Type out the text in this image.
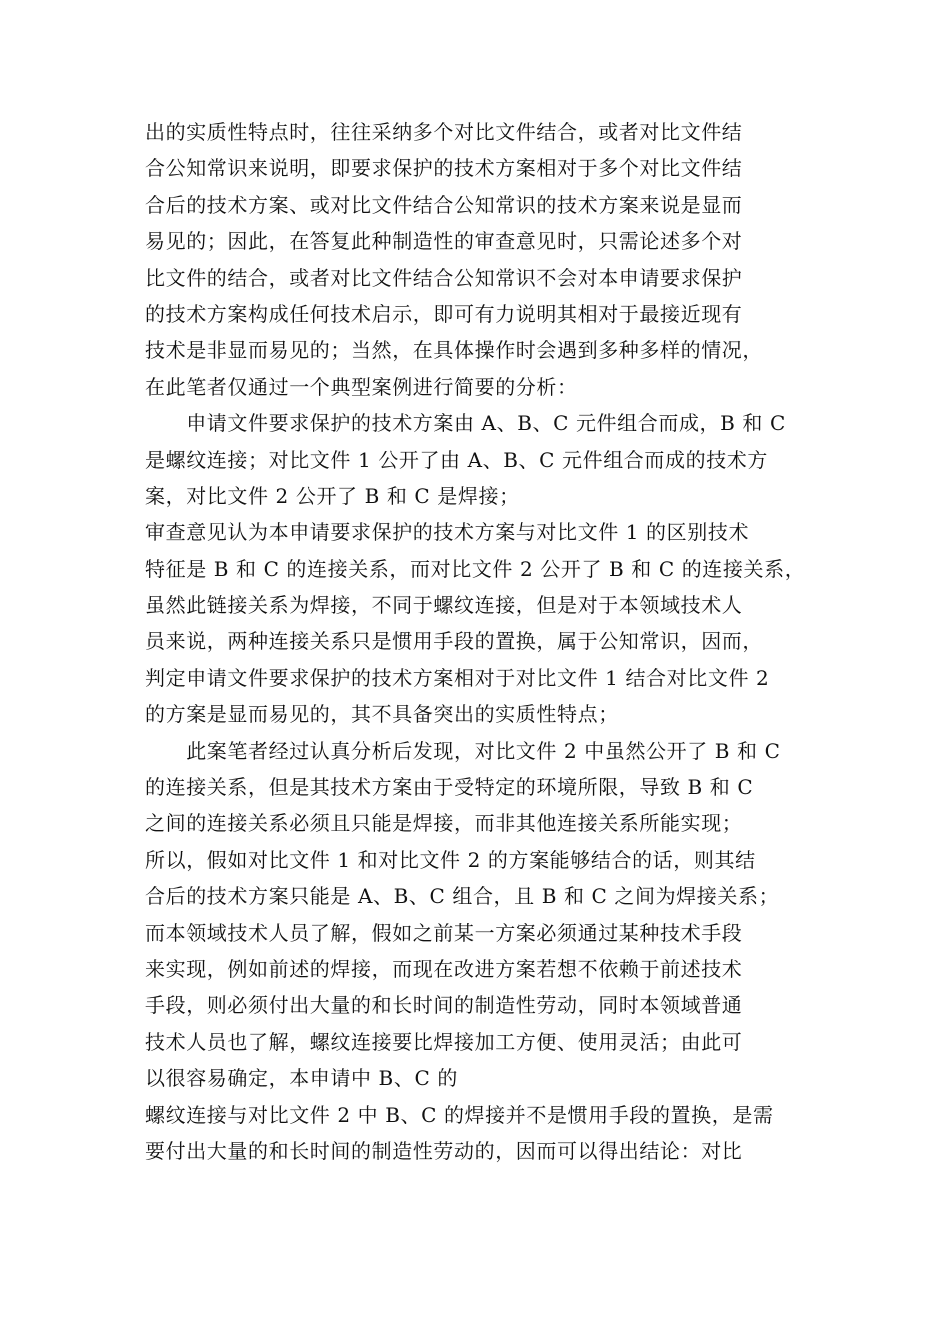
出的实质性特点时，往往采纳多个对比文件结合，或者对比文件结
合公知常识来说明，即要求保护的技术方案相对于多个对比文件结
合后的技术方案、或对比文件结合公知常识的技术方案来说是显而
易见的；因此，在答复此种制造性的审查意见时，只需论述多个对
比文件的结合，或者对比文件结合公知常识不会对本申请要求保护
的技术方案构成任何技术启示，即可有力说明其相对于最接近现有
技术是非显而易见的；当然，在具体操作时会遇到多种多样的情况，
在此笔者仅通过一个典型案例进行简要的分析：
　　申请文件要求保护的技术方案由 A、B、C 元件组合而成，B 和 C
是螺纹连接；对比文件 1 公开了由 A、B、C 元件组合而成的技术方
案，对比文件 2 公开了 B 和 C 是焊接；
审查意见认为本申请要求保护的技术方案与对比文件 1 的区别技术
特征是 B 和 C 的连接关系，而对比文件 2 公开了 B 和 C 的连接关系，
虽然此链接关系为焊接，不同于螺纹连接，但是对于本领域技术人
员来说，两种连接关系只是惯用手段的置换，属于公知常识，因而，
判定申请文件要求保护的技术方案相对于对比文件 1 结合对比文件 2
的方案是显而易见的，其不具备突出的实质性特点；
　　此案笔者经过认真分析后发现，对比文件 2 中虽然公开了 B 和 C
的连接关系，但是其技术方案由于受特定的环境所限，导致 B 和 C
之间的连接关系必须且只能是焊接，而非其他连接关系所能实现；
所以，假如对比文件 1 和对比文件 2 的方案能够结合的话，则其结
合后的技术方案只能是 A、B、C 组合，且 B 和 C 之间为焊接关系；
而本领域技术人员了解，假如之前某一方案必须通过某种技术手段
来实现，例如前述的焊接，而现在改进方案若想不依赖于前述技术
手段，则必须付出大量的和长时间的制造性劳动，同时本领域普通
技术人员也了解，螺纹连接要比焊接加工方便、使用灵活；由此可
以很容易确定，本申请中 B、C 的
螺纹连接与对比文件 2 中 B、C 的焊接并不是惯用手段的置换，是需
要付出大量的和长时间的制造性劳动的，因而可以得出结论：对比
